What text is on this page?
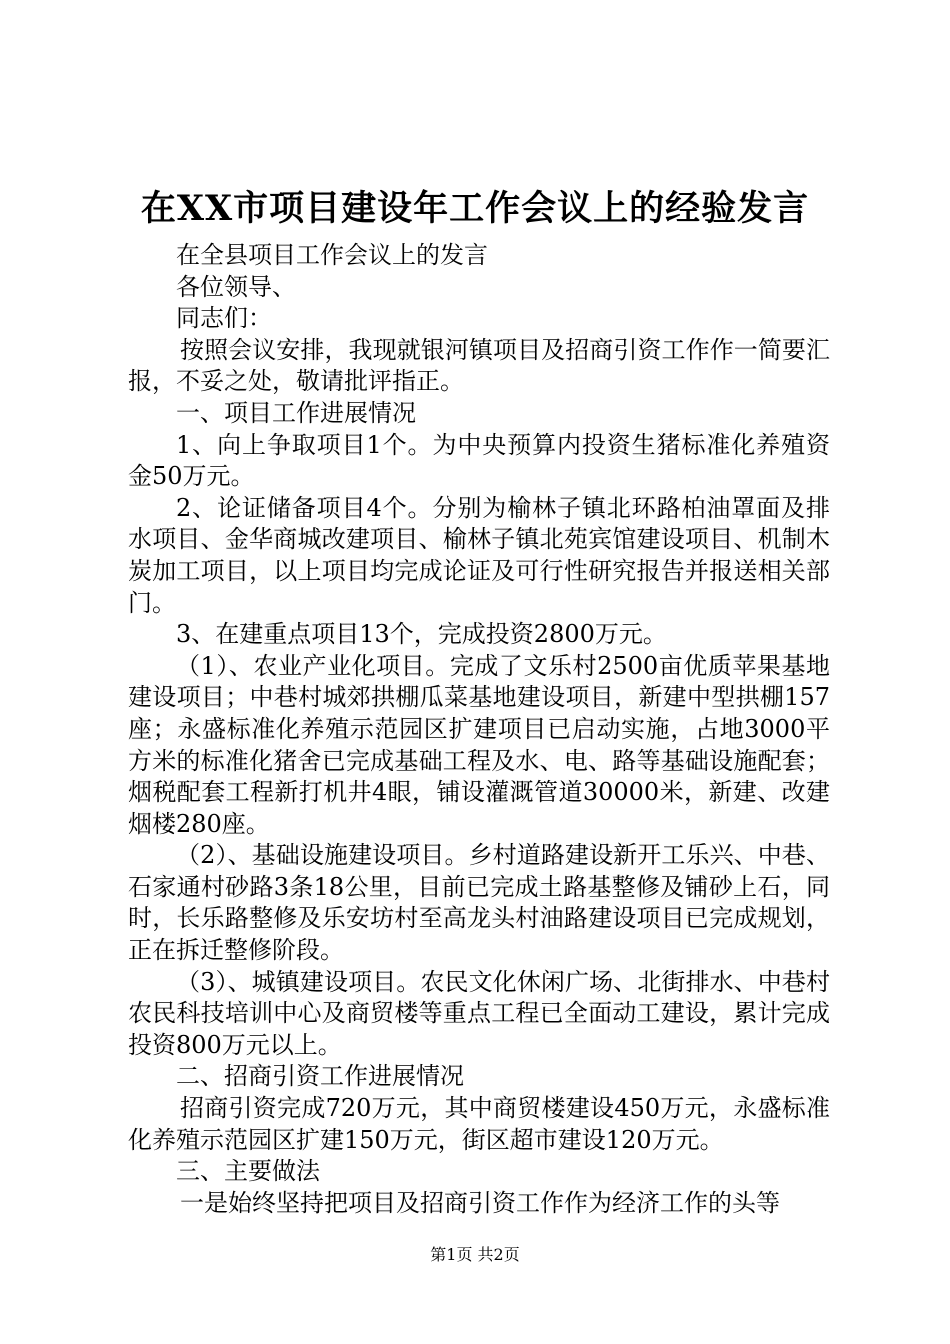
在XX市项目建设年工作会议上的经验发言

在全县项目工作会议上的发言

各位领导、

同志们：

按照会议安排，我现就银河镇项目及招商引资工作作一简要汇报，不妥之处，敬请批评指正。

一、项目工作进展情况

1、向上争取项目1个。为中央预算内投资生猪标准化养殖资金50万元。

2、论证储备项目4个。分别为榆林子镇北环路柏油罩面及排水项目、金华商城改建项目、榆林子镇北苑宾馆建设项目、机制木炭加工项目，以上项目均完成论证及可行性研究报告并报送相关部门。

3、在建重点项目13个，完成投资2800万元。

（1）、农业产业化项目。完成了文乐村2500亩优质苹果基地建设项目；中巷村城郊拱棚瓜菜基地建设项目，新建中型拱棚157座；永盛标准化养殖示范园区扩建项目已启动实施，占地3000平方米的标准化猪舍已完成基础工程及水、电、路等基础设施配套；烟税配套工程新打机井4眼，铺设灌溉管道30000米，新建、改建烟楼280座。

（2）、基础设施建设项目。乡村道路建设新开工乐兴、中巷、石家通村砂路3条18公里，目前已完成土路基整修及铺砂上石，同时，长乐路整修及乐安坊村至高龙头村油路建设项目已完成规划，正在拆迁整修阶段。

（3）、城镇建设项目。农民文化休闲广场、北街排水、中巷村农民科技培训中心及商贸楼等重点工程已全面动工建设，累计完成投资800万元以上。

二、招商引资工作进展情况

招商引资完成720万元，其中商贸楼建设450万元，永盛标准化养殖示范园区扩建150万元，街区超市建设120万元。

三、主要做法

一是始终坚持把项目及招商引资工作作为经济工作的头等

第1页 共2页
